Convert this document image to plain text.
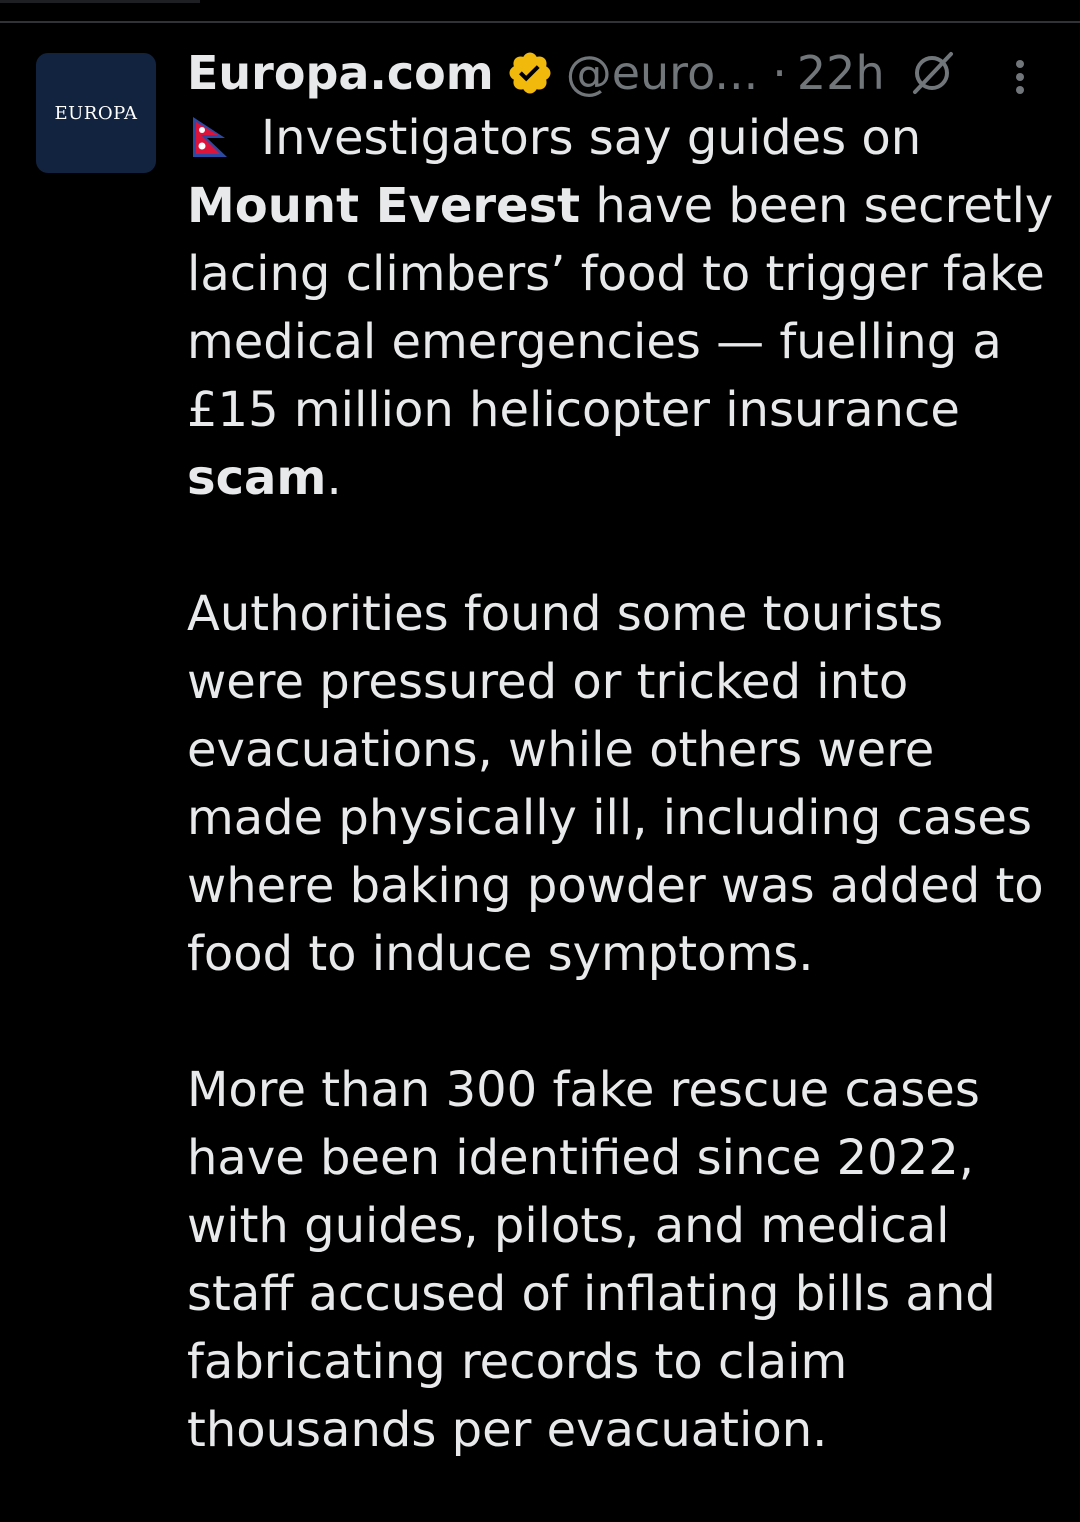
EUROPA
Europa.com @euro... · 22h

Investigators say guides on Mount Everest have been secretly lacing climbers’ food to trigger fake medical emergencies — fuelling a £15 million helicopter insurance scam.

Authorities found some tourists were pressured or tricked into evacuations, while others were made physically ill, including cases where baking powder was added to food to induce symptoms.

More than 300 fake rescue cases have been identified since 2022, with guides, pilots, and medical staff accused of inflating bills and fabricating records to claim thousands per evacuation.
